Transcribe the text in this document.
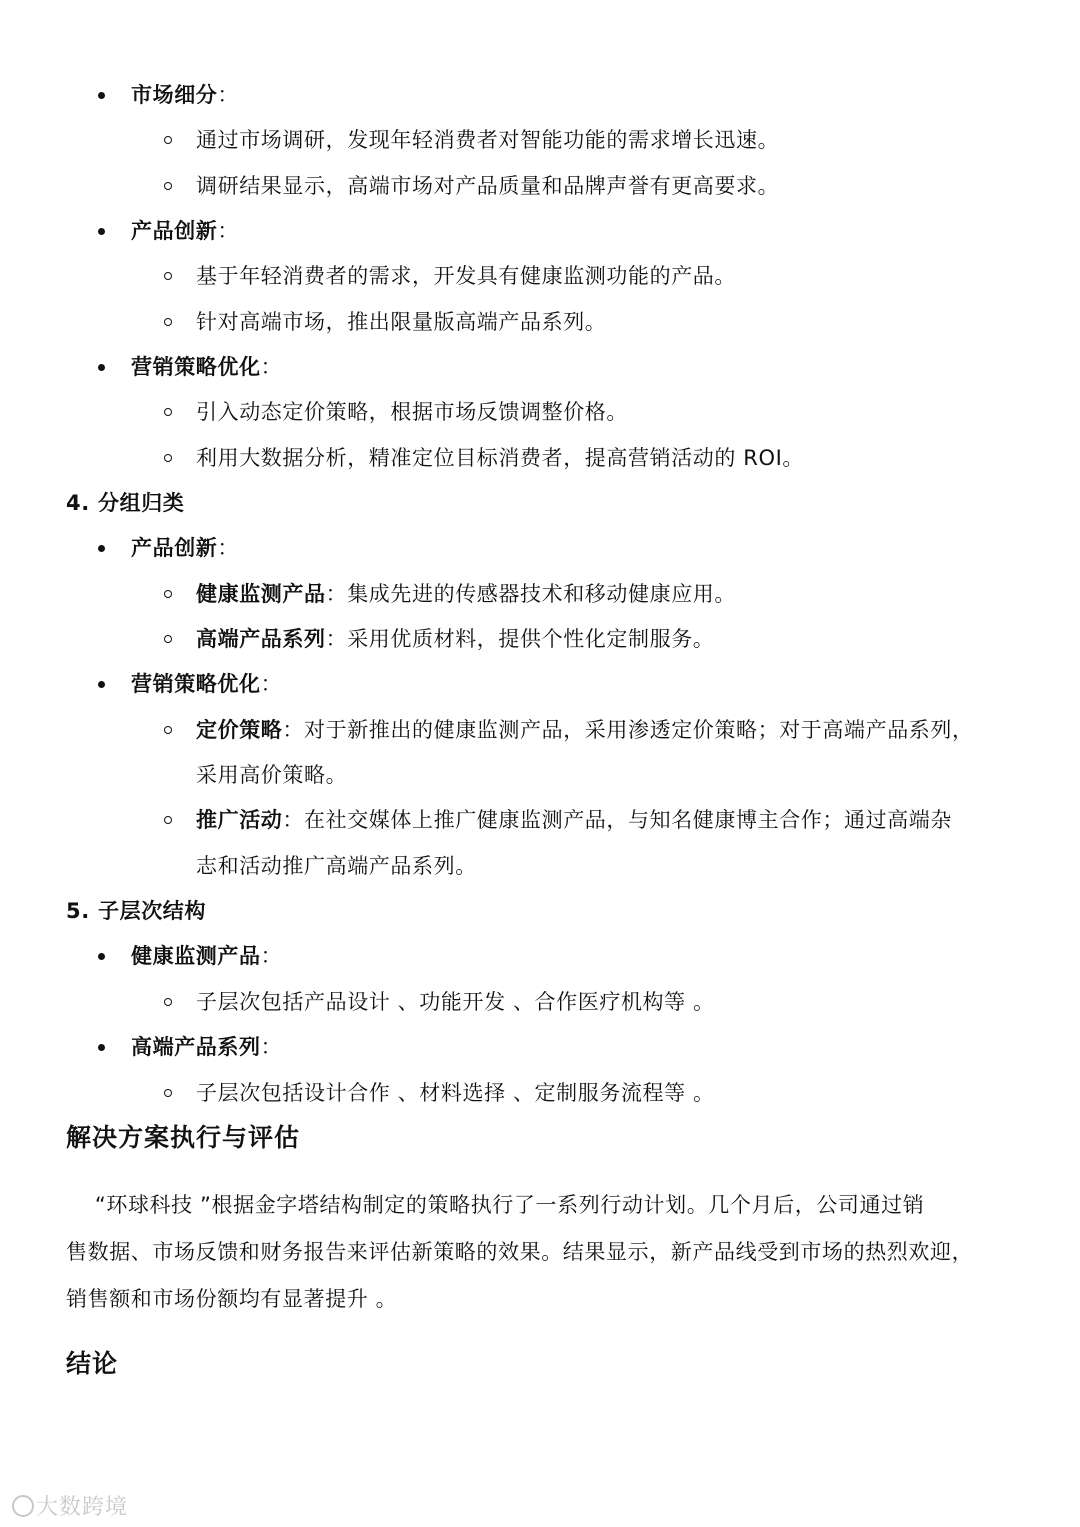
市场细分：
通过市场调研，发现年轻消费者对智能功能的需求增长迅速。
调研结果显示，高端市场对产品质量和品牌声誉有更高要求。
产品创新：
基于年轻消费者的需求，开发具有健康监测功能的产品。
针对高端市场，推出限量版高端产品系列。
营销策略优化：
引入动态定价策略，根据市场反馈调整价格。
利用大数据分析，精准定位目标消费者，提高营销活动的 ROI。
4. 分组归类
产品创新：
健康监测产品：集成先进的传感器技术和移动健康应用。
高端产品系列：采用优质材料，提供个性化定制服务。
营销策略优化：
定价策略：对于新推出的健康监测产品，采用渗透定价策略；对于高端产品系列，
采用高价策略。
推广活动：在社交媒体上推广健康监测产品，与知名健康博主合作；通过高端杂
志和活动推广高端产品系列。
5. 子层次结构
健康监测产品：
子层次包括产品设计 、功能开发 、合作医疗机构等 。
高端产品系列：
子层次包括设计合作 、材料选择 、定制服务流程等 。
解决方案执行与评估
　 “环球科技 ”根据金字塔结构制定的策略执行了一系列行动计划。几个月后，公司通过销
售数据、市场反馈和财务报告来评估新策略的效果。结果显示，新产品线受到市场的热烈欢迎，
销售额和市场份额均有显著提升 。
结论
大数跨境
